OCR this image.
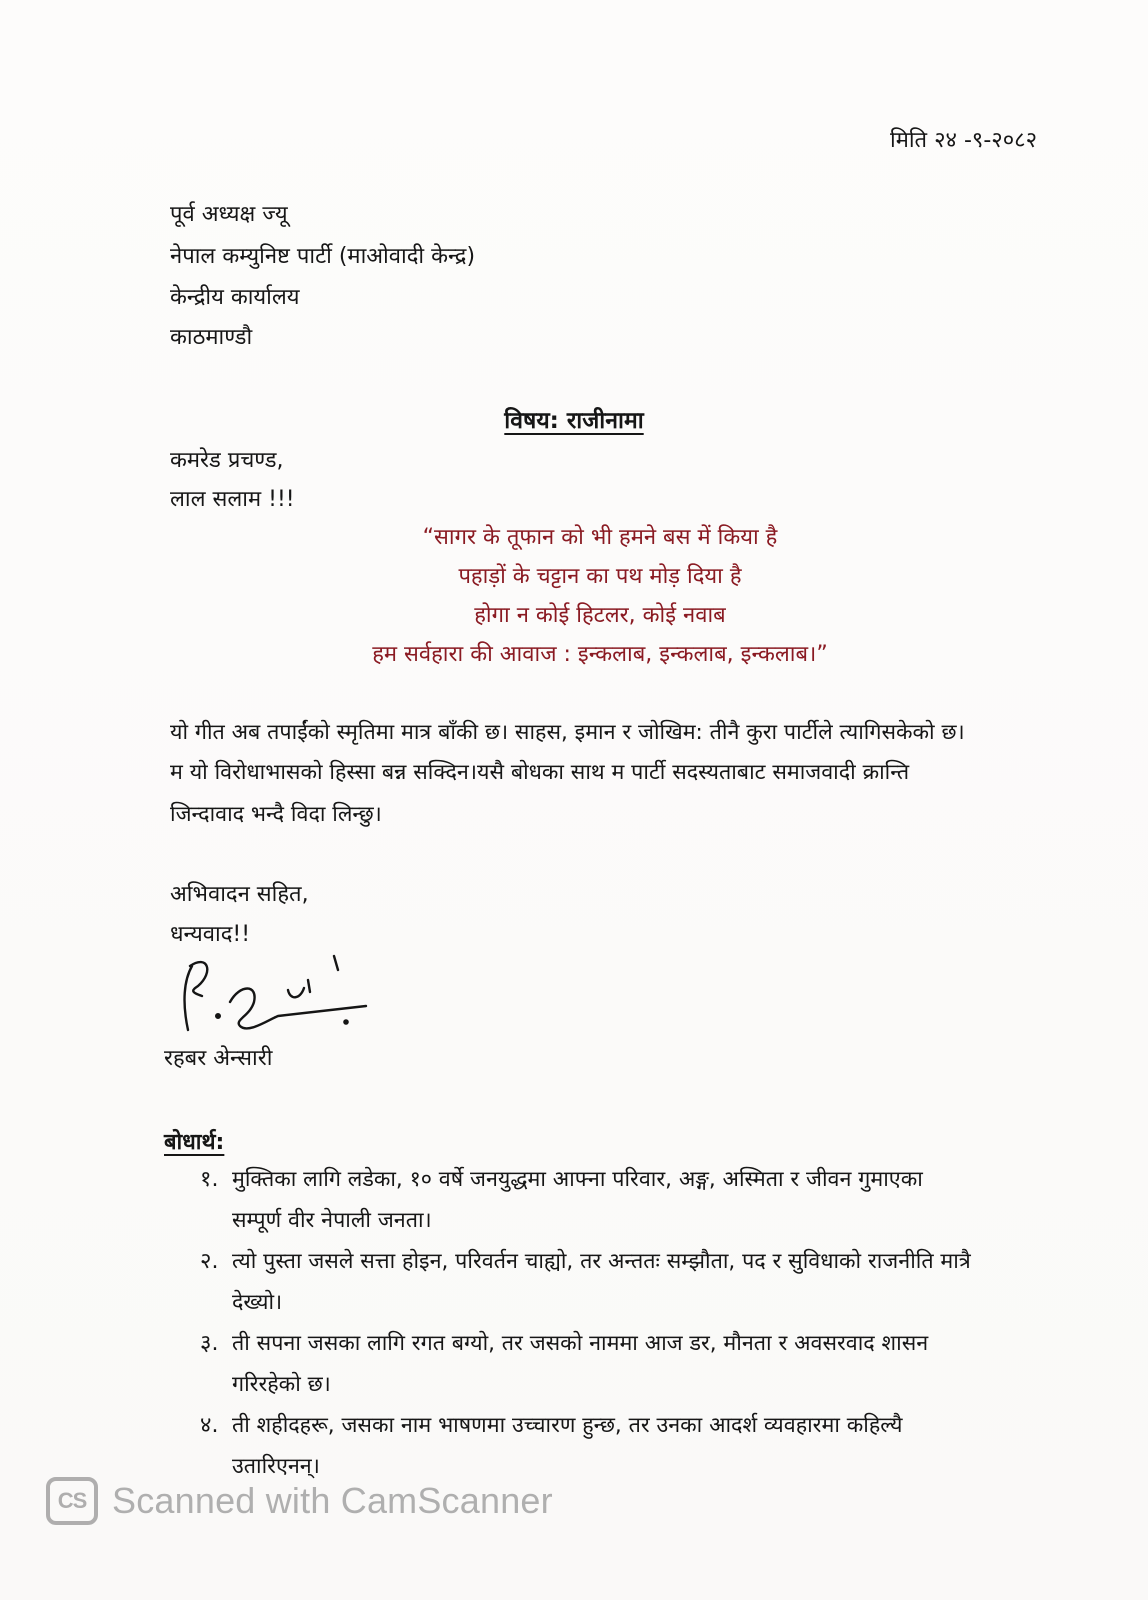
मिति २४ -९-२०८२
पूर्व अध्यक्ष ज्यू
नेपाल कम्युनिष्ट पार्टी (माओवादी केन्द्र)
केन्द्रीय कार्यालय
काठमाण्डौ
विषय: राजीनामा
कमरेड प्रचण्ड,
लाल सलाम !!!
“सागर के तूफान को भी हमने बस में किया है
पहाड़ों के चट्टान का पथ मोड़ दिया है
होगा न कोई हिटलर, कोई नवाब
हम सर्वहारा की आवाज : इन्कलाब, इन्कलाब, इन्कलाब।”
यो गीत अब तपाईंको स्मृतिमा मात्र बाँकी छ। साहस, इमान र जोखिम: तीनै कुरा पार्टीले त्यागिसकेको छ।
म यो विरोधाभासको हिस्सा बन्न सक्दिन।यसै बोधका साथ म पार्टी सदस्यताबाट समाजवादी क्रान्ति
जिन्दावाद भन्दै विदा लिन्छु।
अभिवादन सहित,
धन्यवाद!!
रहबर अेन्सारी
बोधार्थ:
१. मुक्तिका लागि लडेका, १० वर्षे जनयुद्धमा आफ्ना परिवार, अङ्ग, अस्मिता र जीवन गुमाएका
सम्पूर्ण वीर नेपाली जनता।
२. त्यो पुस्ता जसले सत्ता होइन, परिवर्तन चाह्यो, तर अन्ततः सम्झौता, पद र सुविधाको राजनीति मात्रै
देख्यो।
३. ती सपना जसका लागि रगत बग्यो, तर जसको नाममा आज डर, मौनता र अवसरवाद शासन
गरिरहेको छ।
४. ती शहीदहरू, जसका नाम भाषणमा उच्चारण हुन्छ, तर उनका आदर्श व्यवहारमा कहिल्यै
उतारिएनन्।
CS Scanned with CamScanner
